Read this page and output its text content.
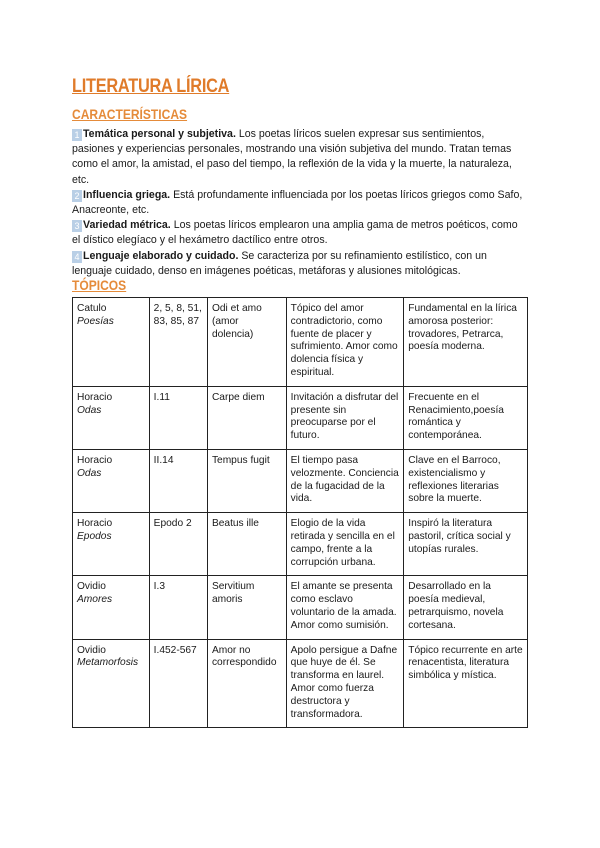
LITERATURA LÍRICA
CARACTERÍSTICAS

1 Temática personal y subjetiva. Los poetas líricos suelen expresar sus sentimientos, pasiones y experiencias personales, mostrando una visión subjetiva del mundo. Tratan temas como el amor, la amistad, el paso del tiempo, la reflexión de la vida y la muerte, la naturaleza, etc.

2 Influencia griega. Está profundamente influenciada por los poetas líricos griegos como Safo, Anacreonte, etc.

3 Variedad métrica. Los poetas líricos emplearon una amplia gama de metros poéticos, como el dístico elegíaco y el hexámetro dactílico entre otros.

4 Lenguaje elaborado y cuidado. Se caracteriza por su refinamiento estilístico, con un lenguaje cuidado, denso en imágenes poéticas, metáforas y alusiones mitológicas.

TÓPICOS
Catulo
Poesías	2, 5, 8, 51, 83, 85, 87	Odi et amo (amor dolencia)	Tópico del amor contradictorio, como fuente de placer y sufrimiento. Amor como dolencia física y espiritual.	Fundamental en la lírica amorosa posterior: trovadores, Petrarca, poesía moderna.
Horacio
Odas	I.11	Carpe diem	Invitación a disfrutar del presente sin preocuparse por el futuro.	Frecuente en el Renacimiento,poesía romántica y contemporánea.
Horacio
Odas	II.14	Tempus fugit	El tiempo pasa velozmente. Conciencia de la fugacidad de la vida.	Clave en el Barroco, existencialismo y reflexiones literarias sobre la muerte.
Horacio
Epodos	Epodo 2	Beatus ille	Elogio de la vida retirada y sencilla en el campo, frente a la corrupción urbana.	Inspiró la literatura pastoril, crítica social y utopías rurales.
Ovidio
Amores	I.3	Servitium amoris	El amante se presenta como esclavo voluntario de la amada. Amor como sumisión.	Desarrollado en la poesía medieval, petrarquismo, novela cortesana.
Ovidio
Metamorfosis	I.452-567	Amor no correspondido	Apolo persigue a Dafne que huye de él. Se transforma en laurel. Amor como fuerza destructora y transformadora.	Tópico recurrente en arte renacentista, literatura simbólica y mística.
